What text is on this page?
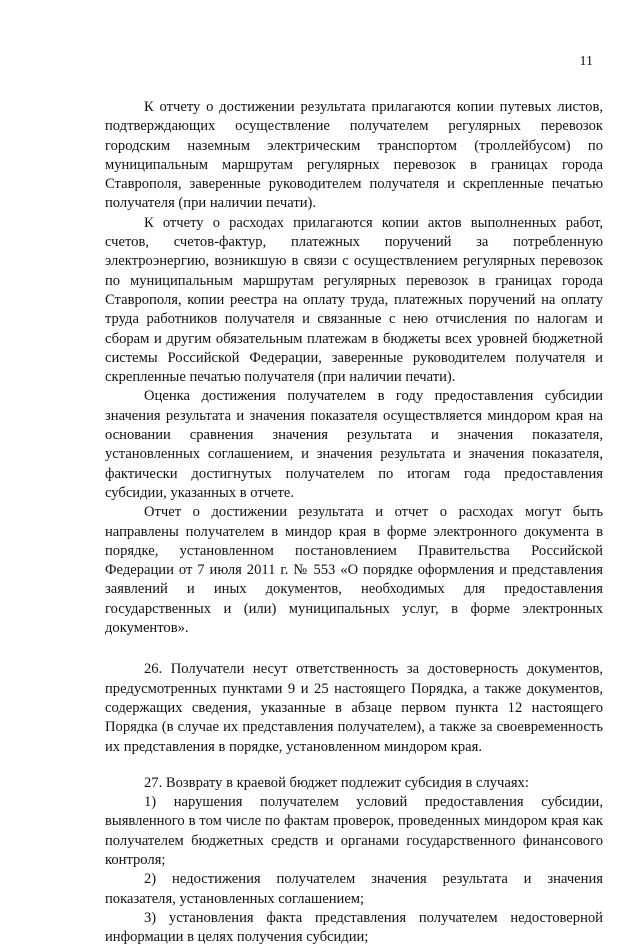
11

К отчету о достижении результата прилагаются копии путевых листов, подтверждающих осуществление получателем регулярных перевозок городским наземным электрическим транспортом (троллейбусом) по муниципальным маршрутам регулярных перевозок в границах города Ставрополя, заверенные руководителем получателя и скрепленные печатью получателя (при наличии печати).

К отчету о расходах прилагаются копии актов выполненных работ, счетов, счетов-фактур, платежных поручений за потребленную электроэнергию, возникшую в связи с осуществлением регулярных перевозок по муниципальным маршрутам регулярных перевозок в границах города Ставрополя, копии реестра на оплату труда, платежных поручений на оплату труда работников получателя и связанные с нею отчисления по налогам и сборам и другим обязательным платежам в бюджеты всех уровней бюджетной системы Российской Федерации, заверенные руководителем получателя и скрепленные печатью получателя (при наличии печати).

Оценка достижения получателем в году предоставления субсидии значения результата и значения показателя осуществляется миндором края на основании сравнения значения результата и значения показателя, установленных соглашением, и значения результата и значения показателя, фактически достигнутых получателем по итогам года предоставления субсидии, указанных в отчете.

Отчет о достижении результата и отчет о расходах могут быть направлены получателем в миндор края в форме электронного документа в порядке, установленном постановлением Правительства Российской Федерации от 7 июля 2011 г. № 553 «О порядке оформления и представления заявлений и иных документов, необходимых для предоставления государственных и (или) муниципальных услуг, в форме электронных документов».

26. Получатели несут ответственность за достоверность документов, предусмотренных пунктами 9 и 25 настоящего Порядка, а также документов, содержащих сведения, указанные в абзаце первом пункта 12 настоящего Порядка (в случае их представления получателем), а также за своевременность их представления в порядке, установленном миндором края.

27. Возврату в краевой бюджет подлежит субсидия в случаях:

1) нарушения получателем условий предоставления субсидии, выявленного в том числе по фактам проверок, проведенных миндором края как получателем бюджетных средств и органами государственного финансового контроля;

2) недостижения получателем значения результата и значения показателя, установленных соглашением;

3) установления факта представления получателем недостоверной информации в целях получения субсидии;
